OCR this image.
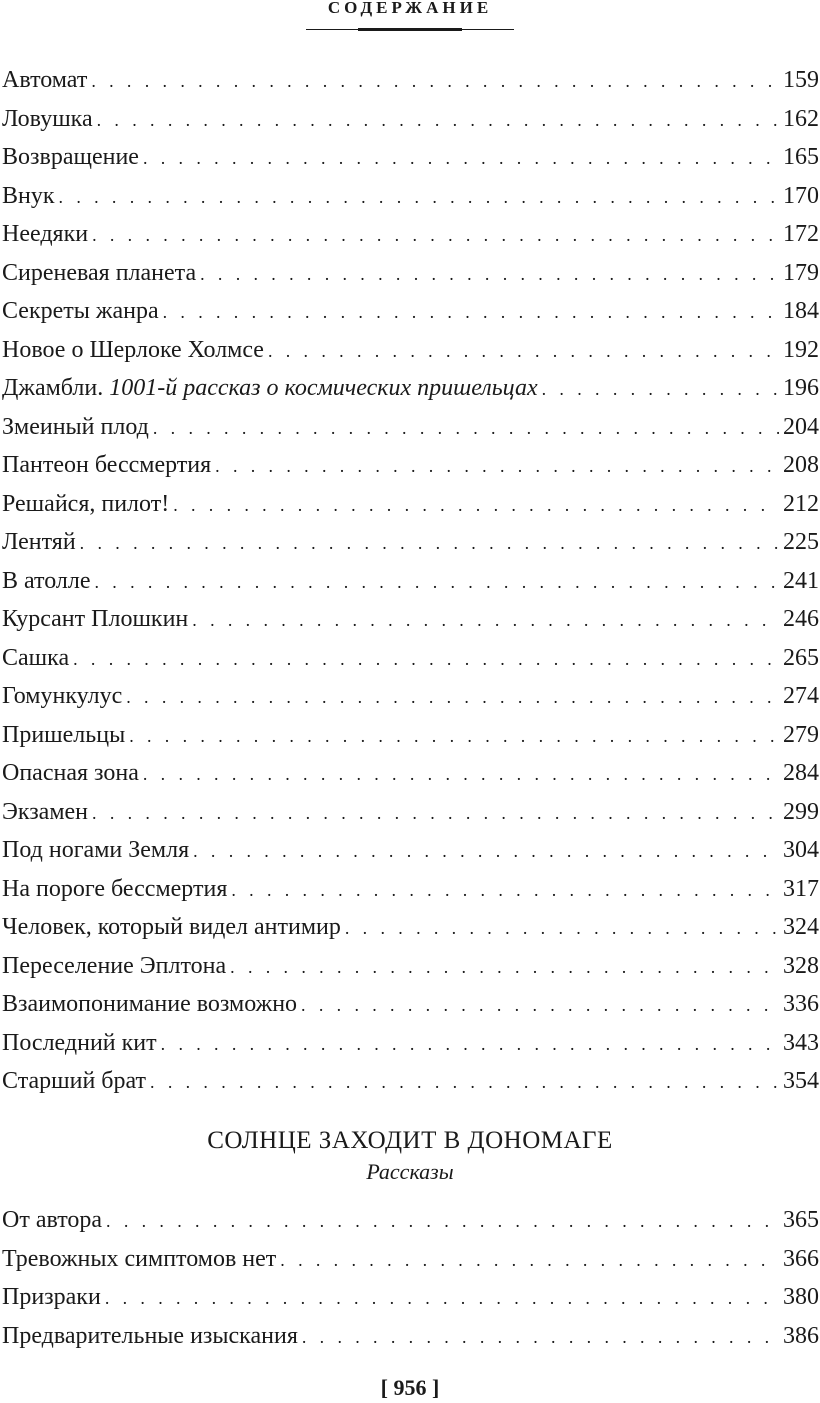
СОДЕРЖАНИЕ
Автомат . . .	159
Ловушка . . .	162
Возвращение . . .	165
Внук . . .	170
Неедяки . . .	172
Сиреневая планета . . .	179
Секреты жанра . . .	184
Новое о Шерлоке Холмсе . . .	192
Джамбли. 1001-й рассказ о космических пришельцах . . .	196
Змеиный плод . . .	204
Пантеон бессмертия . . .	208
Решайся, пилот! . . .	212
Лентяй . . .	225
В атолле . . .	241
Курсант Плошкин . . .	246
Сашка . . .	265
Гомункулус . . .	274
Пришельцы . . .	279
Опасная зона . . .	284
Экзамен . . .	299
Под ногами Земля . . .	304
На пороге бессмертия . . .	317
Человек, который видел антимир . . .	324
Переселение Эплтона . . .	328
Взаимопонимание возможно . . .	336
Последний кит . . .	343
Старший брат . . .	354
СОЛНЦЕ ЗАХОДИТ В ДОНОМАГЕ
Рассказы
От автора . . .	365
Тревожных симптомов нет . . .	366
Призраки . . .	380
Предварительные изыскания . . .	386
[ 956 ]
